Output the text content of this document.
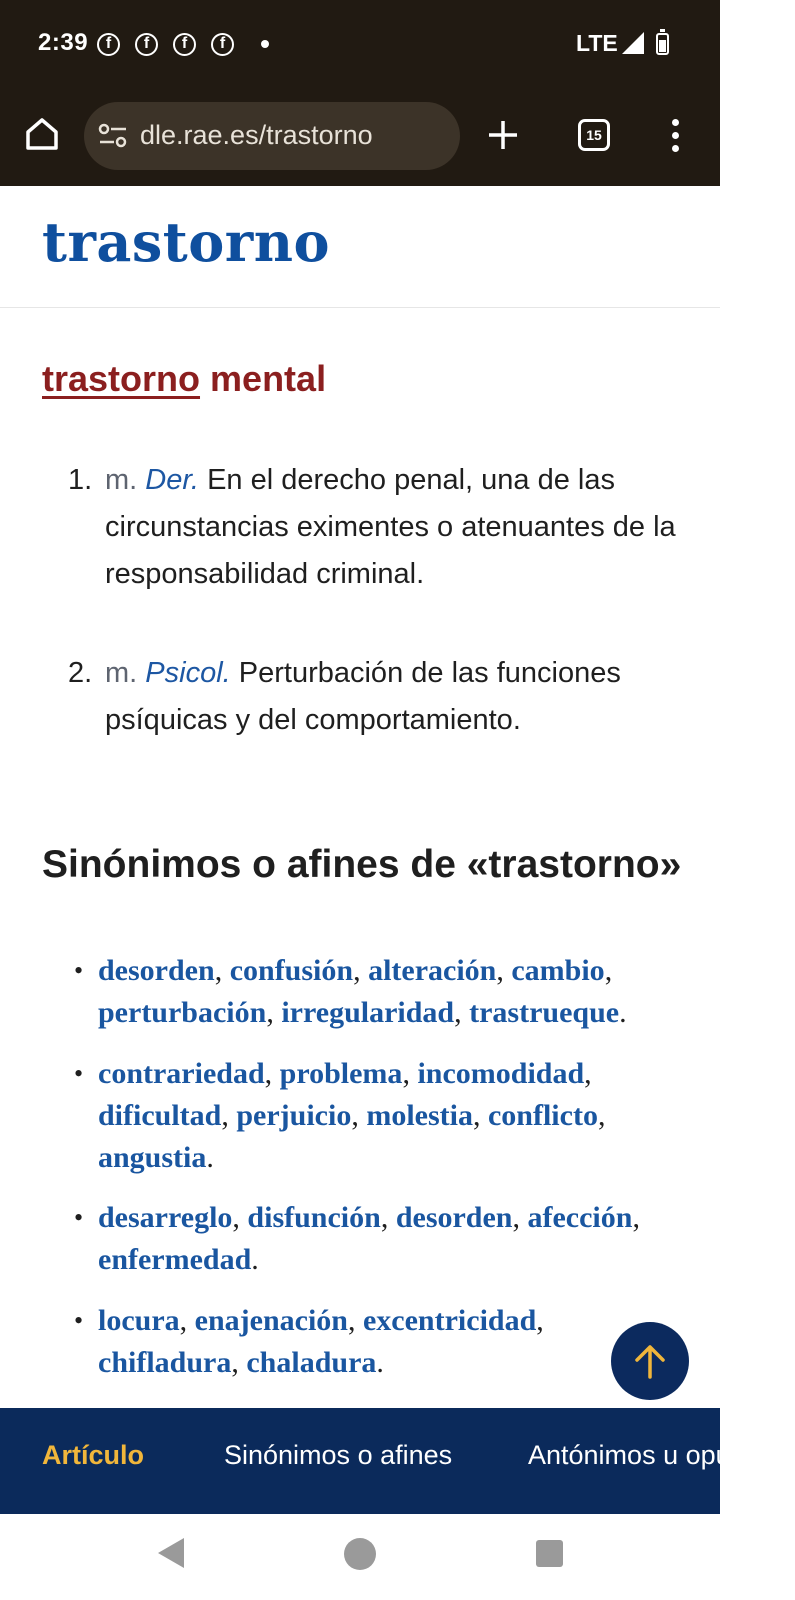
2:39	f	f	f	f	LTE
dle.rae.es/trastorno	15
trastorno
trastorno mental
1. m. Der. En el derecho penal, una de las circunstancias eximentes o atenuantes de la responsabilidad criminal.
2. m. Psicol. Perturbación de las funciones psíquicas y del comportamiento.
Sinónimos o afines de «trastorno»
• desorden, confusión, alteración, cambio, perturbación, irregularidad, trastrueque.
• contrariedad, problema, incomodidad, dificultad, perjuicio, molestia, conflicto, angustia.
• desarreglo, disfunción, desorden, afección, enfermedad.
• locura, enajenación, excentricidad, chifladura, chaladura.
Artículo	Sinónimos o afines	Antónimos u opuestos
